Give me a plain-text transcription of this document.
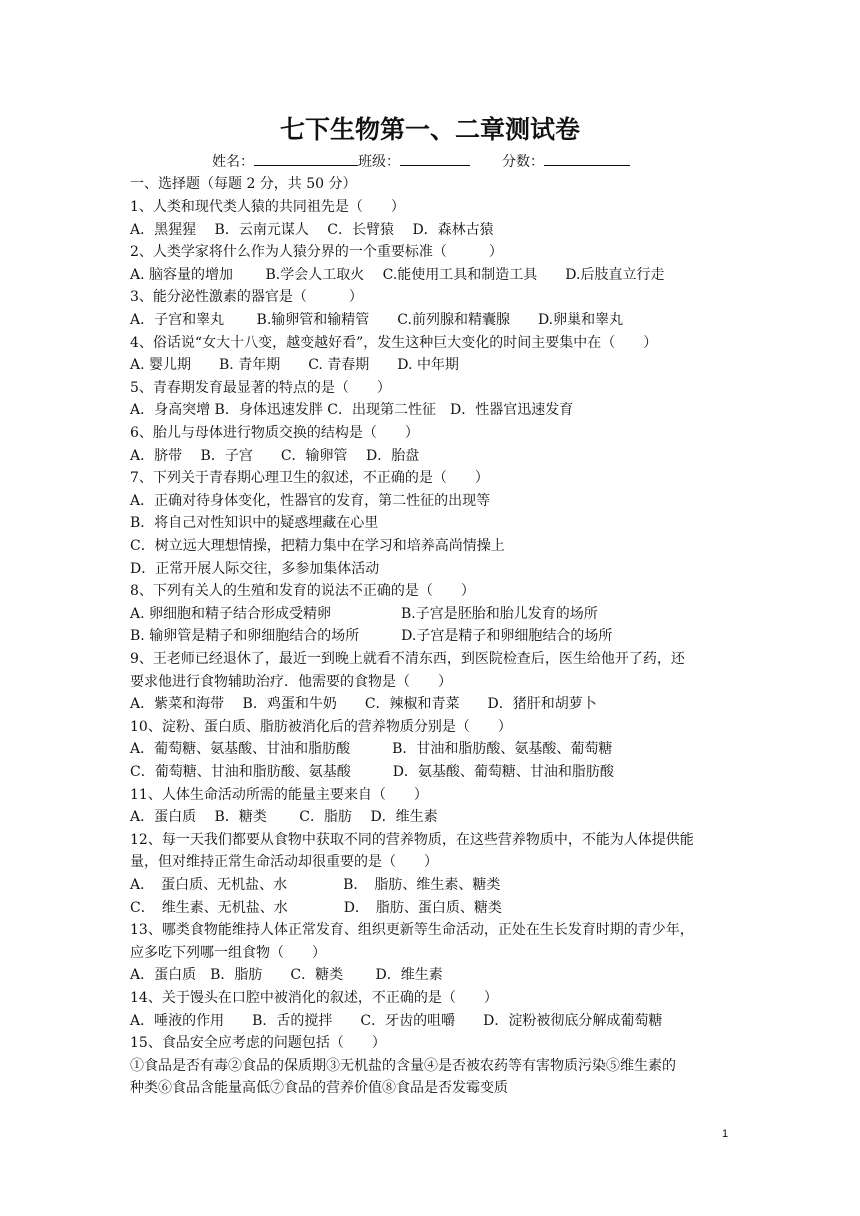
七下生物第一、二章测试卷
姓名：	班级：	分数：
一、选择题（每题 2 分，共 50 分）
1、人类和现代类人猿的共同祖先是（　　）
A．黑猩猩　 B．云南元谋人　 C．长臂猿　 D．森林古猿
2、人类学家将什么作为人猿分界的一个重要标准（　　　）
A. 脑容量的增加　　 B.学会人工取火　 C.能使用工具和制造工具　　D.后肢直立行走
3、能分泌性激素的器官是（　　　）
A．子宫和睾丸　　 B.输卵管和输精管　　C.前列腺和精囊腺　　D.卵巢和睾丸
4、俗话说“女大十八变，越变越好看”，发生这种巨大变化的时间主要集中在（　　）
A. 婴儿期　　B. 青年期　　C. 青春期　　D. 中年期
5、青春期发育最显著的特点的是（　　）
A．身高突增 B．身体迅速发胖 C．出现第二性征　D．性器官迅速发育
6、胎儿与母体进行物质交换的结构是（　　）
A．脐带　 B．子宫　　C．输卵管　 D．胎盘
7、下列关于青春期心理卫生的叙述，不正确的是（　　）
A．正确对待身体变化，性器官的发育，第二性征的出现等
B．将自己对性知识中的疑惑埋藏在心里
C．树立远大理想情操，把精力集中在学习和培养高尚情操上
D．正常开展人际交往，多参加集体活动
8、下列有关人的生殖和发育的说法不正确的是（　　）
A. 卵细胞和精子结合形成受精卵　　　　　B.子宫是胚胎和胎儿发育的场所
B. 输卵管是精子和卵细胞结合的场所　　　D.子宫是精子和卵细胞结合的场所
9、王老师已经退休了，最近一到晚上就看不清东西，到医院检查后，医生给他开了药，还
要求他进行食物辅助治疗．他需要的食物是（　　）
A．紫菜和海带　 B．鸡蛋和牛奶　　C．辣椒和青菜　　D．猪肝和胡萝卜
10、淀粉、蛋白质、脂肪被消化后的营养物质分别是（　　）
A．葡萄糖、氨基酸、甘油和脂肪酸　　　B．甘油和脂肪酸、氨基酸、葡萄糖
C．葡萄糖、甘油和脂肪酸、氨基酸　　　D．氨基酸、葡萄糖、甘油和脂肪酸
11、人体生命活动所需的能量主要来自（　　）
A．蛋白质　 B．糖类　　 C．脂肪　 D．维生素
12、每一天我们都要从食物中获取不同的营养物质，在这些营养物质中，不能为人体提供能
量，但对维持正常生命活动却很重要的是（　　）
A．　蛋白质、无机盐、水　　　　B．　脂肪、维生素、糖类
C．　维生素、无机盐、水　　　　D．　脂肪、蛋白质、糖类
13、哪类食物能维持人体正常发育、组织更新等生命活动，正处在生长发育时期的青少年，
应多吃下列哪一组食物（　　）
A．蛋白质　B．脂肪　　C．糖类　　 D．维生素
14、关于馒头在口腔中被消化的叙述，不正确的是（　　）
A．唾液的作用　　B．舌的搅拌　　C．牙齿的咀嚼　　D．淀粉被彻底分解成葡萄糖
15、食品安全应考虑的问题包括（　　）
①食品是否有毒②食品的保质期③无机盐的含量④是否被农药等有害物质污染⑤维生素的
种类⑥食品含能量高低⑦食品的营养价值⑧食品是否发霉变质
1
